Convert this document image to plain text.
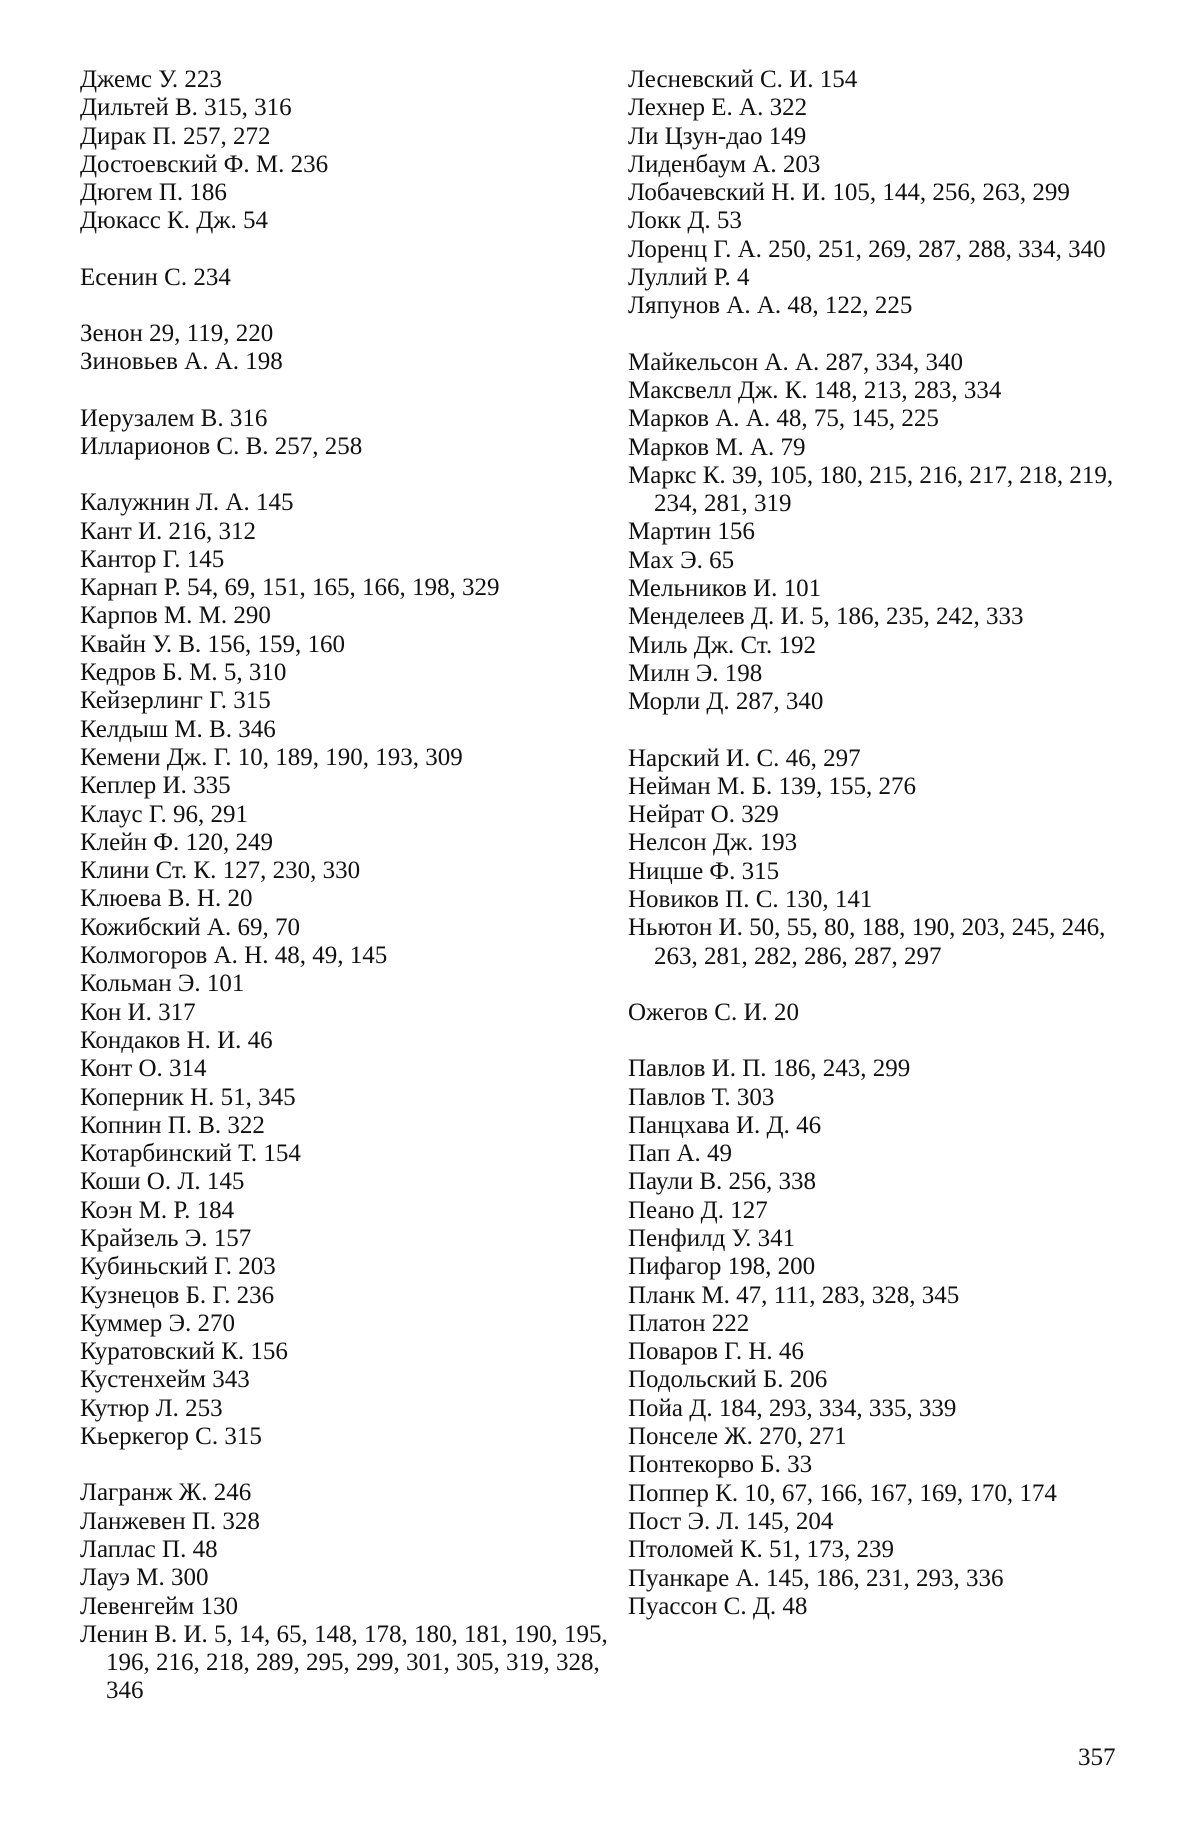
Джемс У. 223
Дильтей В. 315, 316
Дирак П. 257, 272
Достоевский Ф. М. 236
Дюгем П. 186
Дюкасс К. Дж. 54
Есенин С. 234
Зенон 29, 119, 220
Зиновьев А. А. 198
Иерузалем В. 316
Илларионов С. В. 257, 258
Калужнин Л. А. 145
Кант И. 216, 312
Кантор Г. 145
Карнап Р. 54, 69, 151, 165, 166, 198, 329
Карпов М. М. 290
Квайн У. В. 156, 159, 160
Кедров Б. М. 5, 310
Кейзерлинг Г. 315
Келдыш М. В. 346
Кемени Дж. Г. 10, 189, 190, 193, 309
Кеплер И. 335
Клаус Г. 96, 291
Клейн Ф. 120, 249
Клини Ст. К. 127, 230, 330
Клюева В. Н. 20
Кожибский А. 69, 70
Колмогоров А. Н. 48, 49, 145
Кольман Э. 101
Кон И. 317
Кондаков Н. И. 46
Конт О. 314
Коперник Н. 51, 345
Копнин П. В. 322
Котарбинский Т. 154
Коши О. Л. 145
Коэн М. Р. 184
Крайзель Э. 157
Кубиньский Г. 203
Кузнецов Б. Г. 236
Куммер Э. 270
Куратовский К. 156
Кустенхейм 343
Кутюр Л. 253
Кьеркегор С. 315
Лагранж Ж. 246
Ланжевен П. 328
Лаплас П. 48
Лауэ М. 300
Левенгейм 130
Ленин В. И. 5, 14, 65, 148, 178, 180, 181, 190, 195, 196, 216, 218, 289, 295, 299, 301, 305, 319, 328, 346
Лесневский С. И. 154
Лехнер Е. А. 322
Ли Цзун-дао 149
Лиденбаум А. 203
Лобачевский Н. И. 105, 144, 256, 263, 299
Локк Д. 53
Лоренц Г. А. 250, 251, 269, 287, 288, 334, 340
Луллий Р. 4
Ляпунов А. А. 48, 122, 225
Майкельсон А. А. 287, 334, 340
Максвелл Дж. К. 148, 213, 283, 334
Марков А. А. 48, 75, 145, 225
Марков М. А. 79
Маркс К. 39, 105, 180, 215, 216, 217, 218, 219, 234, 281, 319
Мартин 156
Мах Э. 65
Мельников И. 101
Менделеев Д. И. 5, 186, 235, 242, 333
Миль Дж. Ст. 192
Милн Э. 198
Морли Д. 287, 340
Нарский И. С. 46, 297
Нейман М. Б. 139, 155, 276
Нейрат О. 329
Нелсон Дж. 193
Ницше Ф. 315
Новиков П. С. 130, 141
Ньютон И. 50, 55, 80, 188, 190, 203, 245, 246, 263, 281, 282, 286, 287, 297
Ожегов С. И. 20
Павлов И. П. 186, 243, 299
Павлов Т. 303
Панцхава И. Д. 46
Пап А. 49
Паули В. 256, 338
Пеано Д. 127
Пенфилд У. 341
Пифагор 198, 200
Планк М. 47, 111, 283, 328, 345
Платон 222
Поваров Г. Н. 46
Подольский Б. 206
Пойа Д. 184, 293, 334, 335, 339
Понселе Ж. 270, 271
Понтекорво Б. 33
Поппер К. 10, 67, 166, 167, 169, 170, 174
Пост Э. Л. 145, 204
Птоломей К. 51, 173, 239
Пуанкаре А. 145, 186, 231, 293, 336
Пуассон С. Д. 48
357
